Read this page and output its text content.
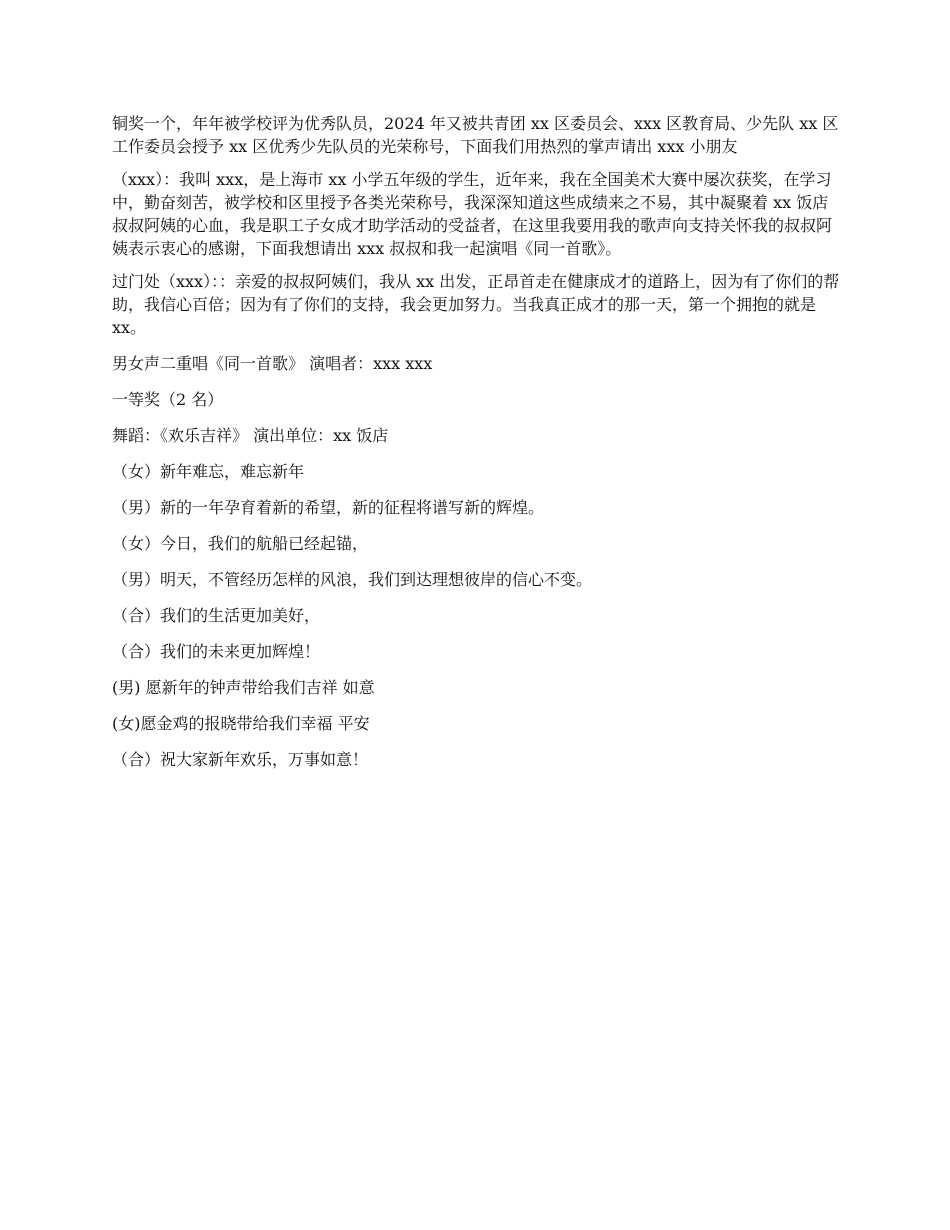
铜奖一个，年年被学校评为优秀队员，2024 年又被共青团 xx 区委员会、xxx 区教育局、少先队 xx 区工作委员会授予 xx 区优秀少先队员的光荣称号，下面我们用热烈的掌声请出 xxx 小朋友

（xxx）：我叫 xxx，是上海市 xx 小学五年级的学生，近年来，我在全国美术大赛中屡次获奖，在学习中，勤奋刻苦，被学校和区里授予各类光荣称号，我深深知道这些成绩来之不易，其中凝聚着 xx 饭店叔叔阿姨的心血，我是职工子女成才助学活动的受益者，在这里我要用我的歌声向支持关怀我的叔叔阿姨表示衷心的感谢，下面我想请出 xxx 叔叔和我一起演唱《同一首歌》。

过门处（xxx）：：亲爱的叔叔阿姨们，我从 xx 出发，正昂首走在健康成才的道路上，因为有了你们的帮助，我信心百倍；因为有了你们的支持，我会更加努力。当我真正成才的那一天，第一个拥抱的就是 xx。

男女声二重唱《同一首歌》 演唱者：xxx xxx

一等奖（2 名）

舞蹈：《欢乐吉祥》 演出单位：xx 饭店

（女）新年难忘，难忘新年

（男）新的一年孕育着新的希望，新的征程将谱写新的辉煌。

（女）今日，我们的航船已经起锚，

（男）明天，不管经历怎样的风浪，我们到达理想彼岸的信心不变。

（合）我们的生活更加美好，

（合）我们的未来更加辉煌！

(男) 愿新年的钟声带给我们吉祥 如意

(女)愿金鸡的报晓带给我们幸福 平安

（合）祝大家新年欢乐，万事如意！
